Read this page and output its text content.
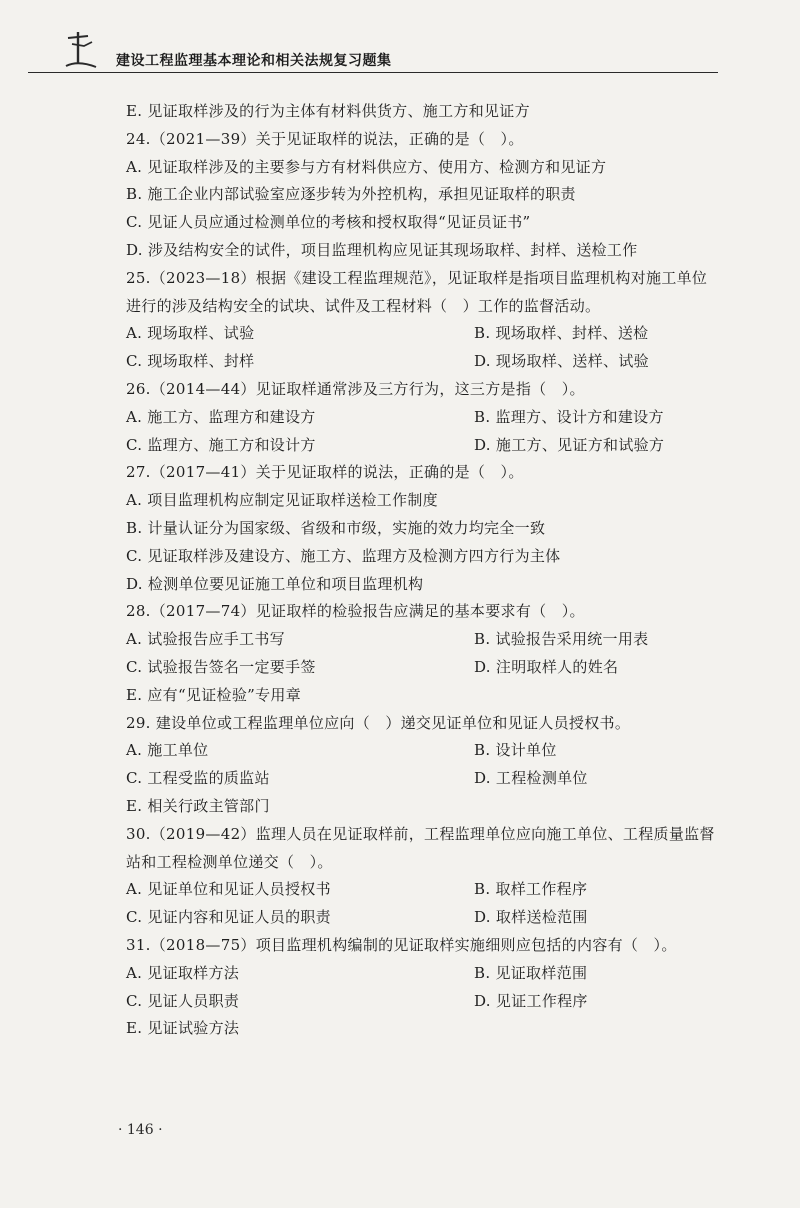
建设工程监理基本理论和相关法规复习题集
E. 见证取样涉及的行为主体有材料供货方、施工方和见证方
24.（2021—39）关于见证取样的说法，正确的是（　）。
A. 见证取样涉及的主要参与方有材料供应方、使用方、检测方和见证方
B. 施工企业内部试验室应逐步转为外控机构，承担见证取样的职责
C. 见证人员应通过检测单位的考核和授权取得“见证员证书”
D. 涉及结构安全的试件，项目监理机构应见证其现场取样、封样、送检工作
25.（2023—18）根据《建设工程监理规范》，见证取样是指项目监理机构对施工单位进行的涉及结构安全的试块、试件及工程材料（　）工作的监督活动。
A. 现场取样、试验	B. 现场取样、封样、送检
C. 现场取样、封样	D. 现场取样、送样、试验
26.（2014—44）见证取样通常涉及三方行为，这三方是指（　）。
A. 施工方、监理方和建设方	B. 监理方、设计方和建设方
C. 监理方、施工方和设计方	D. 施工方、见证方和试验方
27.（2017—41）关于见证取样的说法，正确的是（　）。
A. 项目监理机构应制定见证取样送检工作制度
B. 计量认证分为国家级、省级和市级，实施的效力均完全一致
C. 见证取样涉及建设方、施工方、监理方及检测方四方行为主体
D. 检测单位要见证施工单位和项目监理机构
28.（2017—74）见证取样的检验报告应满足的基本要求有（　）。
A. 试验报告应手工书写	B. 试验报告采用统一用表
C. 试验报告签名一定要手签	D. 注明取样人的姓名
E. 应有“见证检验”专用章
29. 建设单位或工程监理单位应向（　）递交见证单位和见证人员授权书。
A. 施工单位	B. 设计单位
C. 工程受监的质监站	D. 工程检测单位
E. 相关行政主管部门
30.（2019—42）监理人员在见证取样前，工程监理单位应向施工单位、工程质量监督站和工程检测单位递交（　）。
A. 见证单位和见证人员授权书	B. 取样工作程序
C. 见证内容和见证人员的职责	D. 取样送检范围
31.（2018—75）项目监理机构编制的见证取样实施细则应包括的内容有（　）。
A. 见证取样方法	B. 见证取样范围
C. 见证人员职责	D. 见证工作程序
E. 见证试验方法
· 146 ·
